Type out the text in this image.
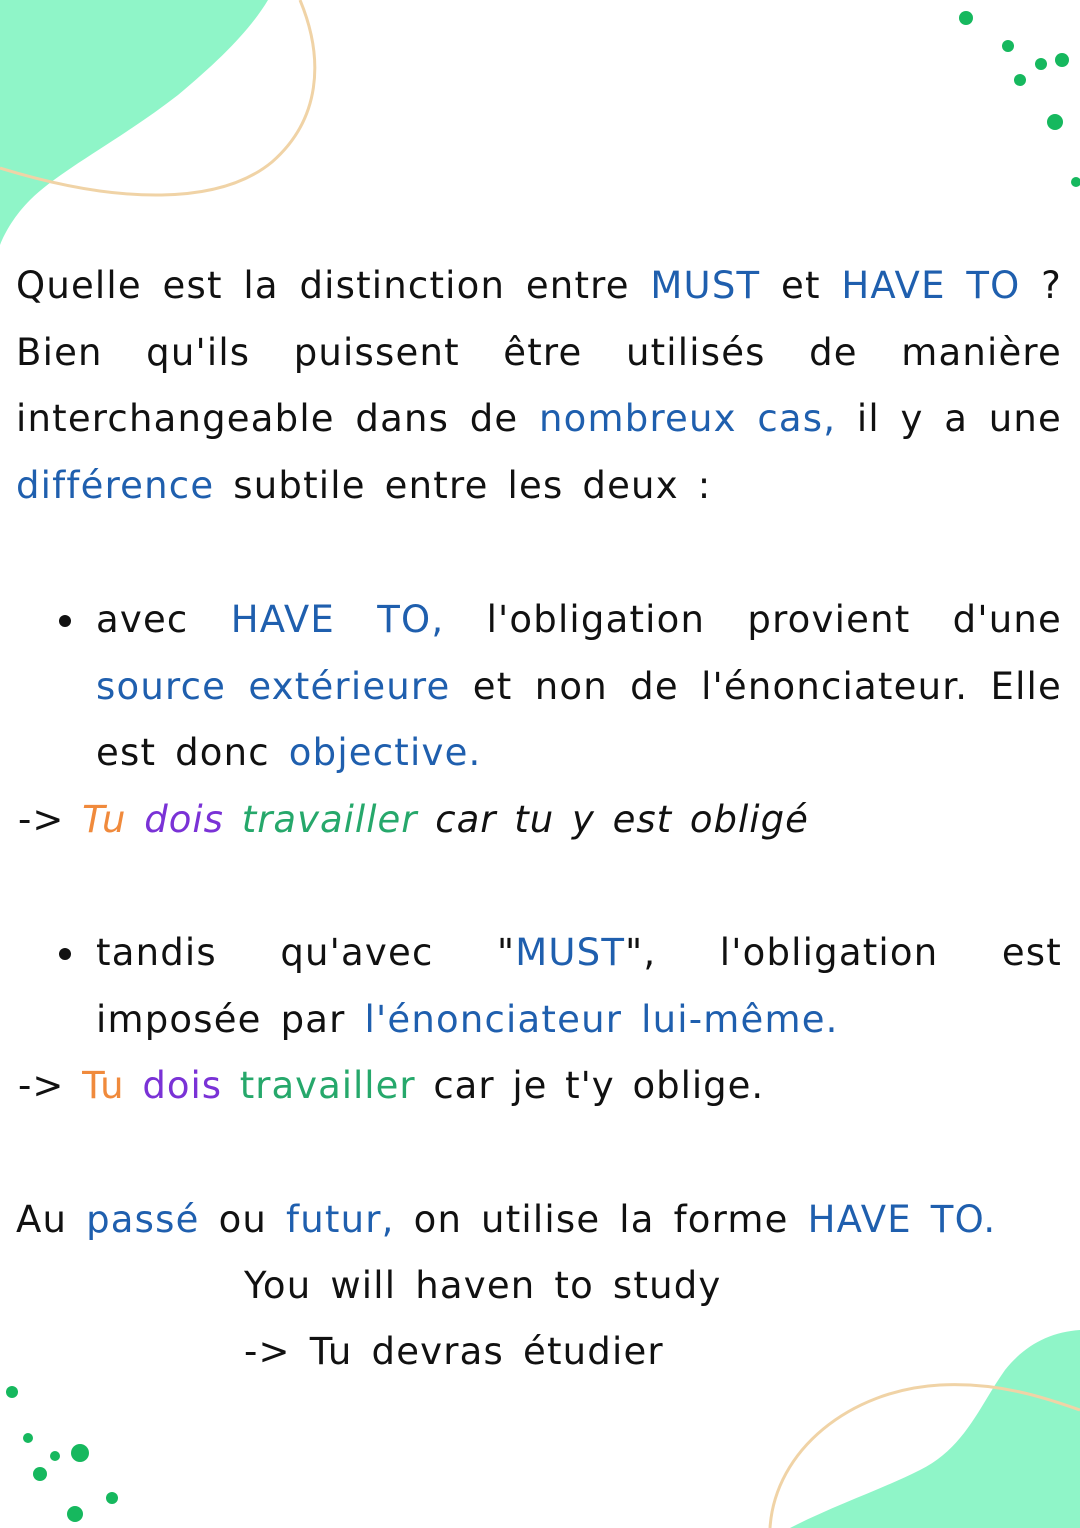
Quelle est la distinction entre MUST et HAVE TO ? Bien qu'ils puissent être utilisés de manière interchangeable dans de nombreux cas, il y a une différence subtile entre les deux :

avec HAVE TO, l'obligation provient d'une source extérieure et non de l'énonciateur. Elle est donc objective.

-> Tu dois travailler car tu y est obligé

tandis qu'avec "MUST", l'obligation est imposée par l'énonciateur lui-même.

-> Tu dois travailler car je t'y oblige.
Au passé ou futur, on utilise la forme HAVE TO.
You will haven to study
-> Tu devras étudier
